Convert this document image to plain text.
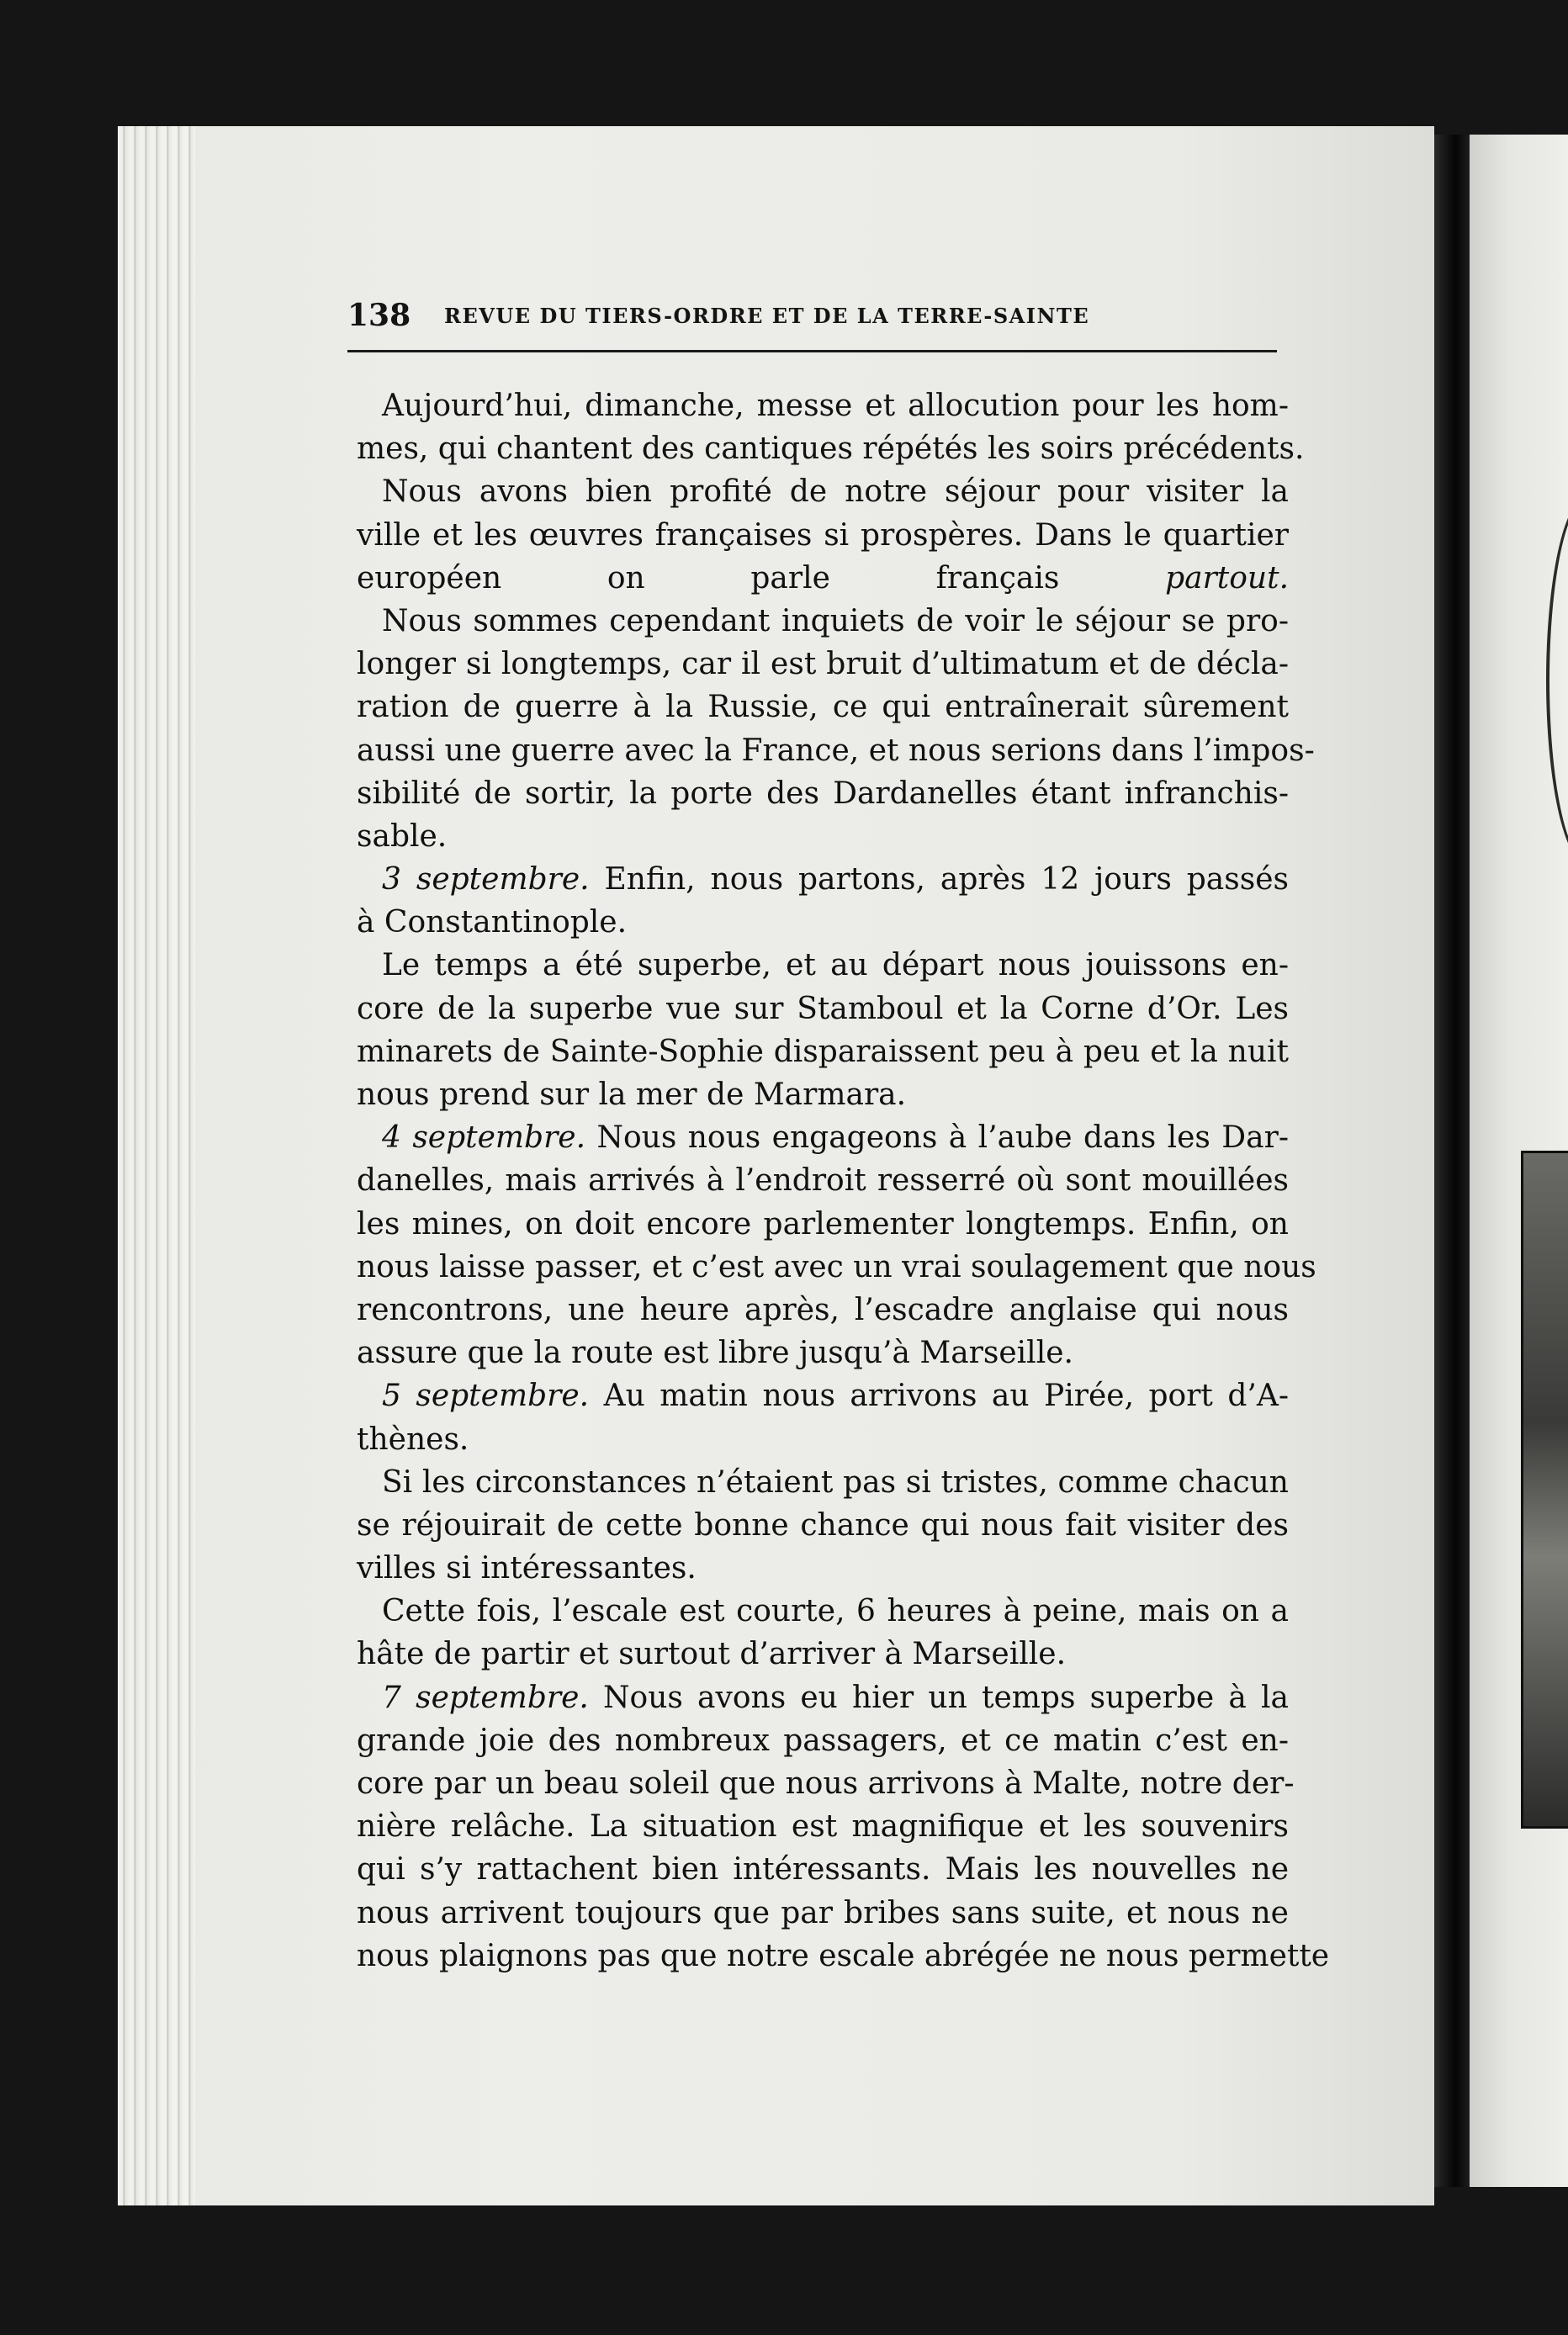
138 REVUE DU TIERS-ORDRE ET DE LA TERRE-SAINTE
Aujourd’hui, dimanche, messe et allocution pour les hom-
mes, qui chantent des cantiques répétés les soirs précédents.
Nous avons bien profité de notre séjour pour visiter la
ville et les œuvres françaises si prospères. Dans le quartier
européen on parle français	partout.
Nous sommes cependant inquiets de voir le séjour se pro-
longer si longtemps, car il est bruit d’ultimatum et de décla-
ration de guerre à la Russie, ce qui entraînerait sûrement
aussi une guerre avec la France, et nous serions dans l’impos-
sibilité de sortir, la porte des Dardanelles étant infranchis-
sable.
3 septembre. Enfin, nous partons, après 12 jours passés
à Constantinople.
Le temps a été superbe, et au départ nous jouissons en-
core de la superbe vue sur Stamboul et la Corne d’Or. Les
minarets de Sainte-Sophie disparaissent peu à peu et la nuit
nous prend sur la mer de Marmara.
4 septembre. Nous nous engageons à l’aube dans les Dar-
danelles, mais arrivés à l’endroit resserré où sont mouillées
les mines, on doit encore parlementer longtemps. Enfin, on
nous laisse passer, et c’est avec un vrai soulagement que nous
rencontrons, une heure après, l’escadre anglaise qui nous
assure que la route est libre jusqu’à Marseille.
5 septembre. Au matin nous arrivons au Pirée, port d’A-
thènes.
Si les circonstances n’étaient pas si tristes, comme chacun
se réjouirait de cette bonne chance qui nous fait visiter des
villes si intéressantes.
Cette fois, l’escale est courte, 6 heures à peine, mais on a
hâte de partir et surtout d’arriver à Marseille.
7 septembre. Nous avons eu hier un temps superbe à la
grande joie des nombreux passagers, et ce matin c’est en-
core par un beau soleil que nous arrivons à Malte, notre der-
nière relâche. La situation est magnifique et les souvenirs
qui s’y rattachent bien intéressants. Mais les nouvelles ne
nous arrivent toujours que par bribes sans suite, et nous ne
nous plaignons pas que notre escale abrégée ne nous permette
